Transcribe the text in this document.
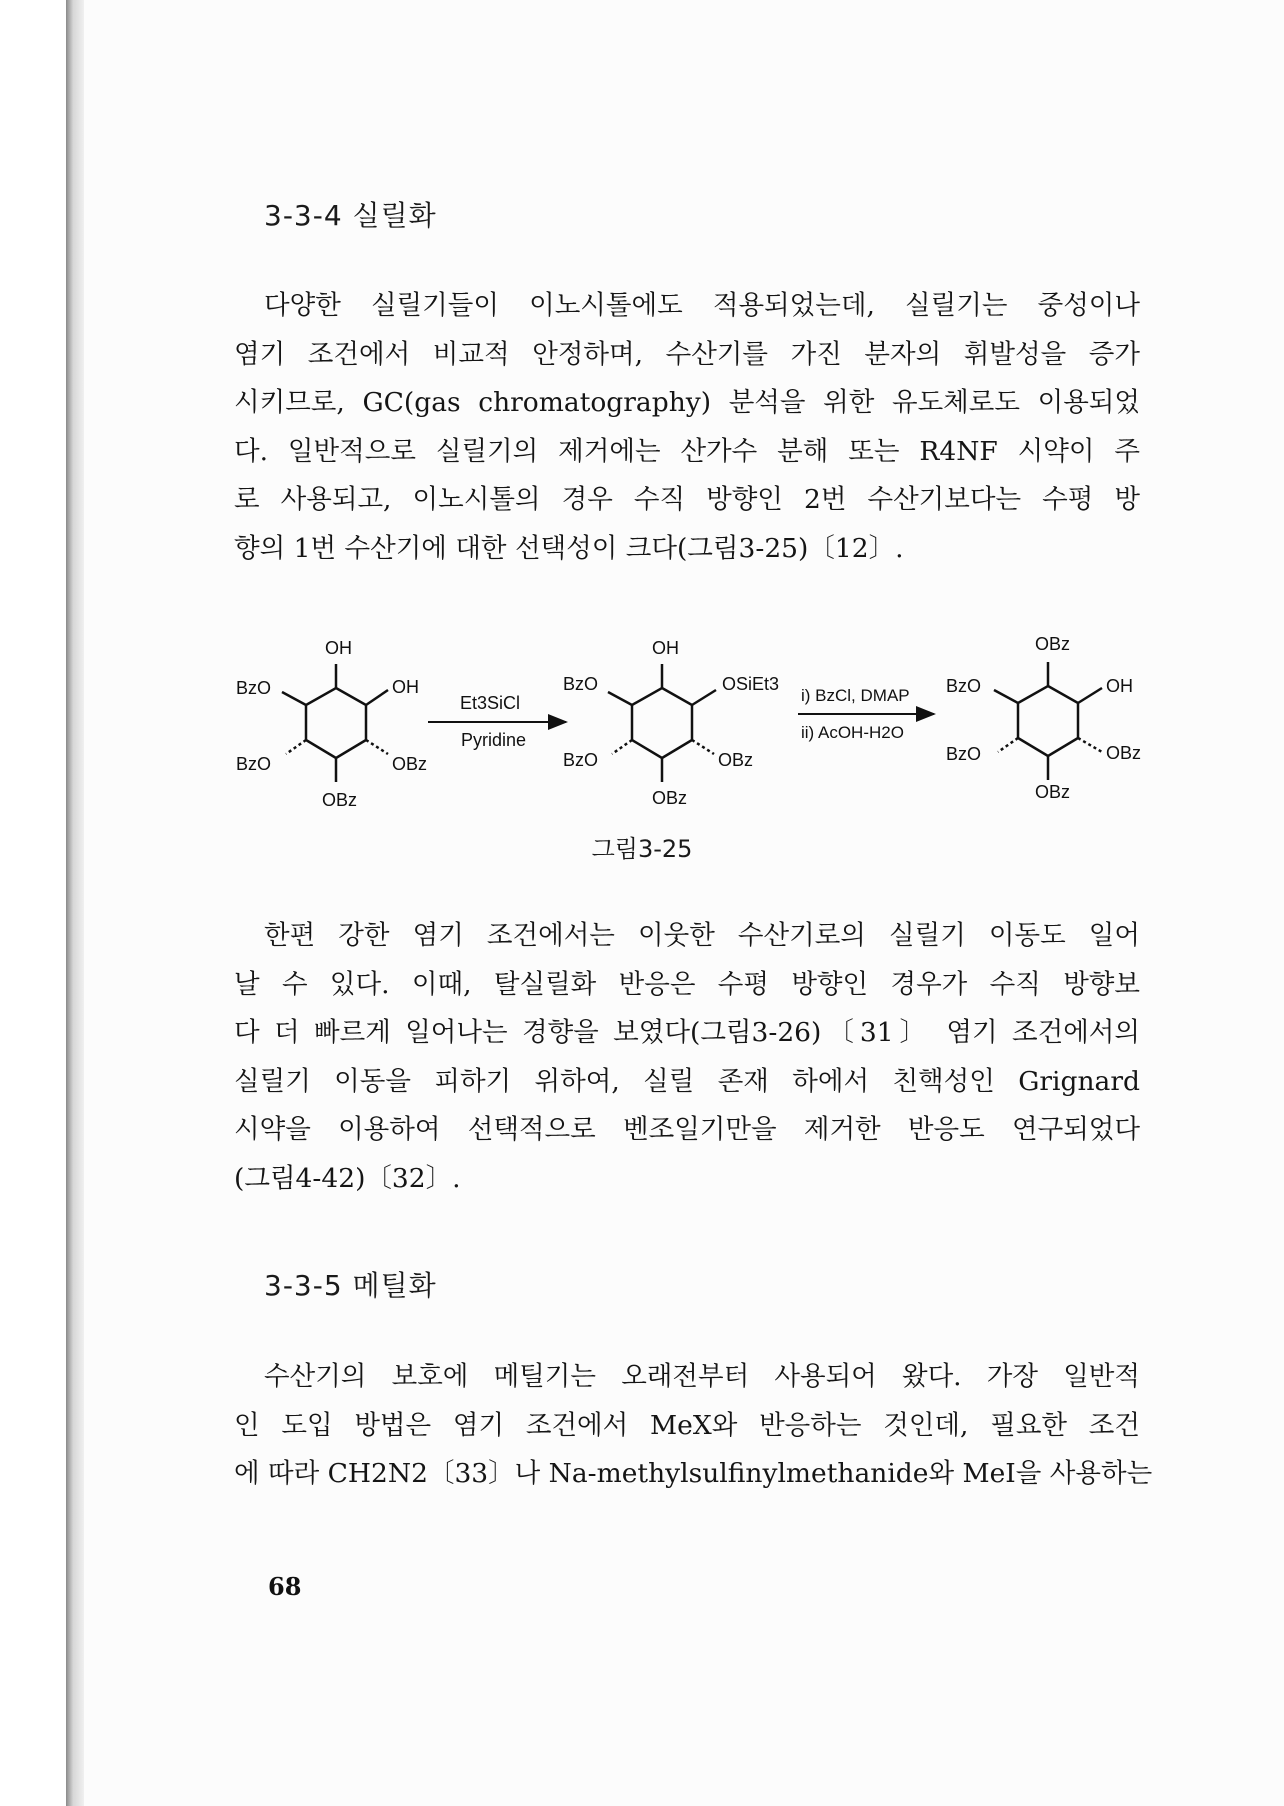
3-3-4 실릴화
다양한 실릴기들이 이노시톨에도 적용되었는데, 실릴기는 중성이나
염기 조건에서 비교적 안정하며, 수산기를 가진 분자의 휘발성을 증가
시키므로, GC(gas chromatography) 분석을 위한 유도체로도 이용되었
다. 일반적으로 실릴기의 제거에는 산가수 분해 또는 R4NF 시약이 주
로 사용되고, 이노시톨의 경우 수직 방향인 2번 수산기보다는 수평 방
향의 1번 수산기에 대한 선택성이 크다(그림3-25)〔12〕.
OH
BzO	OH
BzO	OBz
OBz
Et3SiCl
Pyridine
OH
BzO	OSiEt3
BzO	OBz
OBz
i) BzCl, DMAP
ii) AcOH-H2O
OBz
BzO	OH
BzO	OBz
OBz
그림3-25
한편 강한 염기 조건에서는 이웃한 수산기로의 실릴기 이동도 일어
날 수 있다. 이때, 탈실릴화 반응은 수평 방향인 경우가 수직 방향보
다 더 빠르게 일어나는 경향을 보였다(그림3-26)〔31〕 염기 조건에서의
실릴기 이동을 피하기 위하여, 실릴 존재 하에서 친핵성인 Grignard
시약을 이용하여 선택적으로 벤조일기만을 제거한 반응도 연구되었다
(그림4-42)〔32〕.
3-3-5 메틸화
수산기의 보호에 메틸기는 오래전부터 사용되어 왔다. 가장 일반적
인 도입 방법은 염기 조건에서 MeX와 반응하는 것인데, 필요한 조건
에 따라 CH2N2〔33〕나 Na-methylsulfinylmethanide와 MeI을 사용하는
68
